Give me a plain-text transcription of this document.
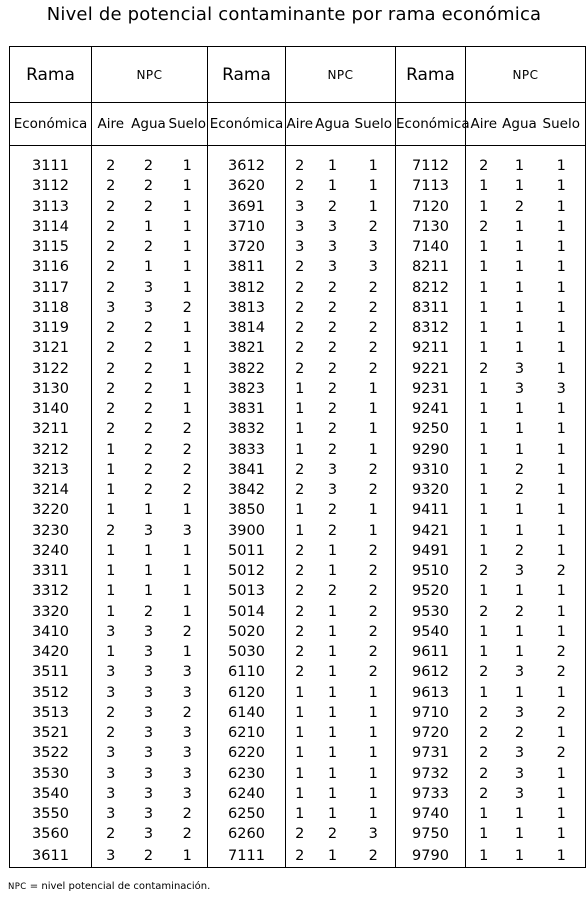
Nivel de potencial contaminante por rama económica
Rama	NPC			Rama	NPC			Rama	NPC		
Económica	Aire	Agua	Suelo	Económica	Aire	Agua	Suelo	Económica	Aire	Agua	Suelo

3111	2	2	1	3612	2	1	1	7112	2	1	1
3112	2	2	1	3620	2	1	1	7113	1	1	1
3113	2	2	1	3691	3	2	1	7120	1	2	1
3114	2	1	1	3710	3	3	2	7130	2	1	1
3115	2	2	1	3720	3	3	3	7140	1	1	1
3116	2	1	1	3811	2	3	3	8211	1	1	1
3117	2	3	1	3812	2	2	2	8212	1	1	1
3118	3	3	2	3813	2	2	2	8311	1	1	1
3119	2	2	1	3814	2	2	2	8312	1	1	1
3121	2	2	1	3821	2	2	2	9211	1	1	1
3122	2	2	1	3822	2	2	2	9221	2	3	1
3130	2	2	1	3823	1	2	1	9231	1	3	3
3140	2	2	1	3831	1	2	1	9241	1	1	1
3211	2	2	2	3832	1	2	1	9250	1	1	1
3212	1	2	2	3833	1	2	1	9290	1	1	1
3213	1	2	2	3841	2	3	2	9310	1	2	1
3214	1	2	2	3842	2	3	2	9320	1	2	1
3220	1	1	1	3850	1	2	1	9411	1	1	1
3230	2	3	3	3900	1	2	1	9421	1	1	1
3240	1	1	1	5011	2	1	2	9491	1	2	1
3311	1	1	1	5012	2	1	2	9510	2	3	2
3312	1	1	1	5013	2	2	2	9520	1	1	1
3320	1	2	1	5014	2	1	2	9530	2	2	1
3410	3	3	2	5020	2	1	2	9540	1	1	1
3420	1	3	1	5030	2	1	2	9611	1	1	2
3511	3	3	3	6110	2	1	2	9612	2	3	2
3512	3	3	3	6120	1	1	1	9613	1	1	1
3513	2	3	2	6140	1	1	1	9710	2	3	2
3521	2	3	3	6210	1	1	1	9720	2	2	1
3522	3	3	3	6220	1	1	1	9731	2	3	2
3530	3	3	3	6230	1	1	1	9732	2	3	1
3540	3	3	3	6240	1	1	1	9733	2	3	1
3550	3	3	2	6250	1	1	1	9740	1	1	1
3560	2	3	2	6260	2	2	3	9750	1	1	1
3611	3	2	1	7111	2	1	2	9790	1	1	1
NPC = nivel potencial de contaminación.
